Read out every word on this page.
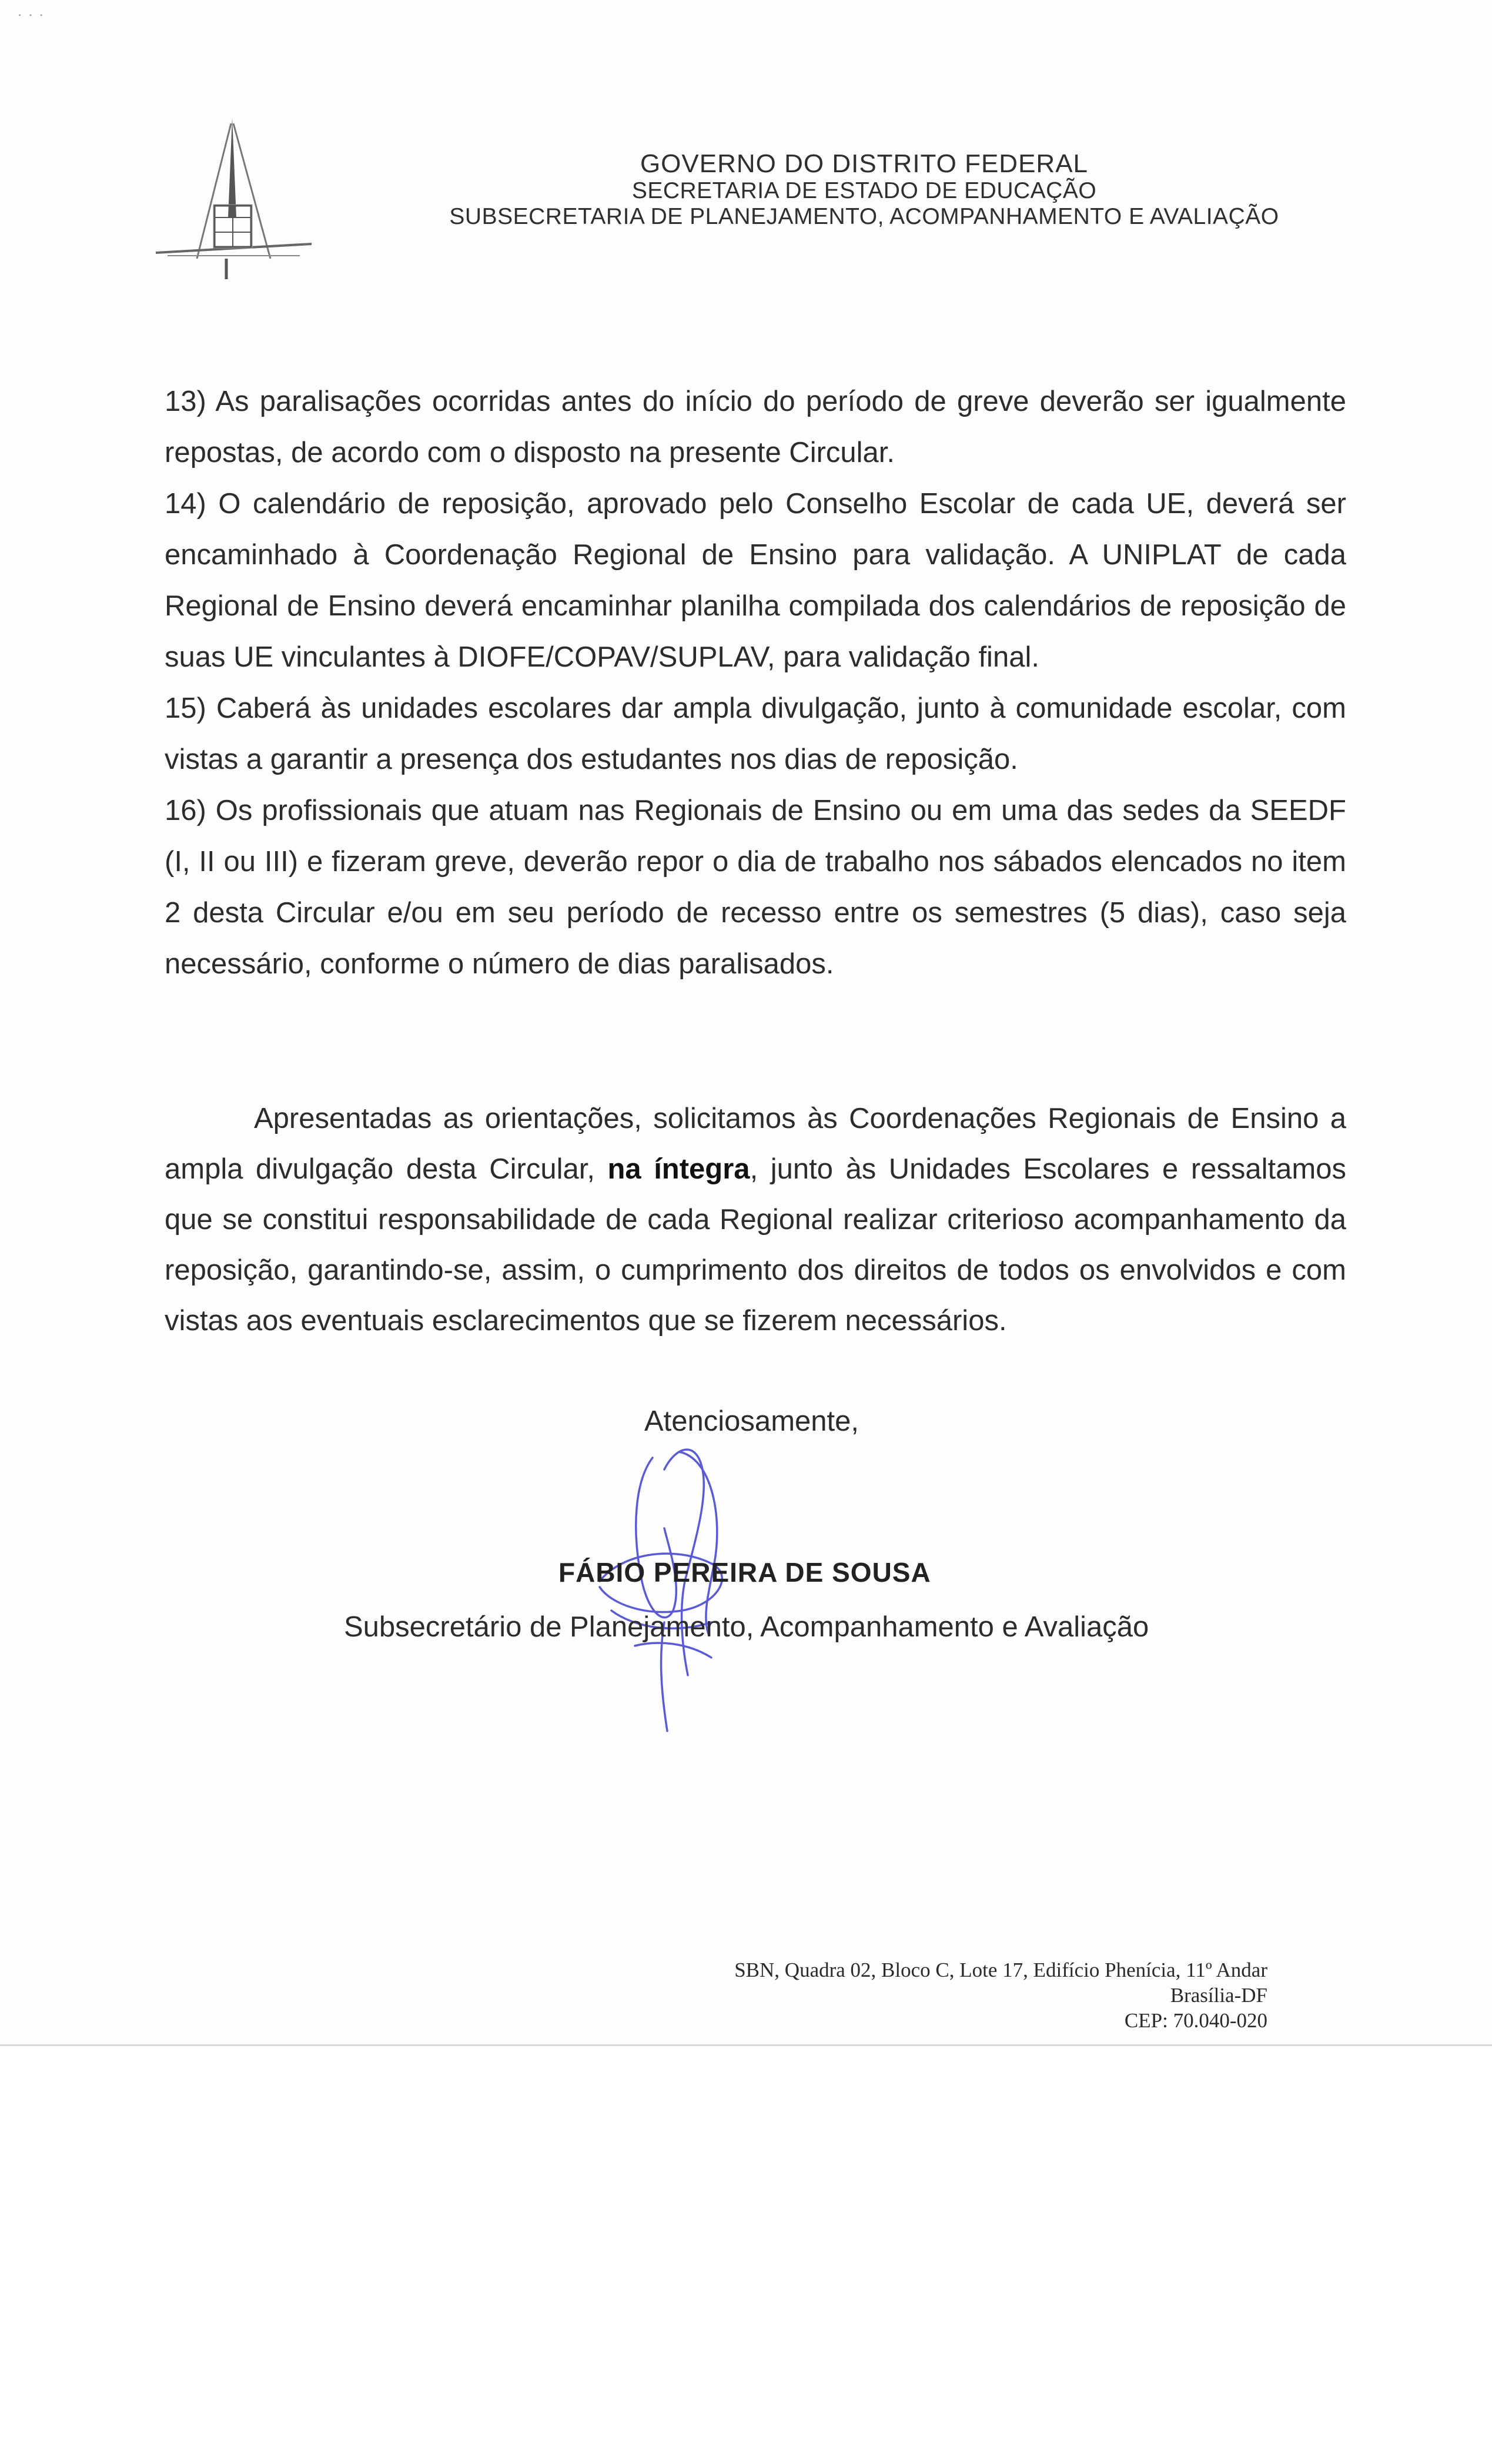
˙ ˙ ˙
GOVERNO DO DISTRITO FEDERAL
SECRETARIA DE ESTADO DE EDUCAÇÃO
SUBSECRETARIA DE PLANEJAMENTO, ACOMPANHAMENTO E AVALIAÇÃO

13) As paralisações ocorridas antes do início do período de greve deverão ser igualmente repostas, de acordo com o disposto na presente Circular.

14) O calendário de reposição, aprovado pelo Conselho Escolar de cada UE, deverá ser encaminhado à Coordenação Regional de Ensino para validação. A UNIPLAT de cada Regional de Ensino deverá encaminhar planilha compilada dos calendários de reposição de suas UE vinculantes à DIOFE/COPAV/SUPLAV, para validação final.

15) Caberá às unidades escolares dar ampla divulgação, junto à comunidade escolar, com vistas a garantir a presença dos estudantes nos dias de reposição.

16) Os profissionais que atuam nas Regionais de Ensino ou em uma das sedes da SEEDF (I, II ou III) e fizeram greve, deverão repor o dia de trabalho nos sábados elencados no item 2 desta Circular e/ou em seu período de recesso entre os semestres (5 dias), caso seja necessário, conforme o número de dias paralisados.

Apresentadas as orientações, solicitamos às Coordenações Regionais de Ensino a ampla divulgação desta Circular, na íntegra, junto às Unidades Escolares e ressaltamos que se constitui responsabilidade de cada Regional realizar criterioso acompanhamento da reposição, garantindo-se, assim, o cumprimento dos direitos de todos os envolvidos e com vistas aos eventuais esclarecimentos que se fizerem necessários.

Atenciosamente,
FÁBIO PEREIRA DE SOUSA
Subsecretário de Planejamento, Acompanhamento e Avaliação
SBN, Quadra 02, Bloco C, Lote 17, Edifício Phenícia, 11º Andar
Brasília-DF
CEP: 70.040-020
